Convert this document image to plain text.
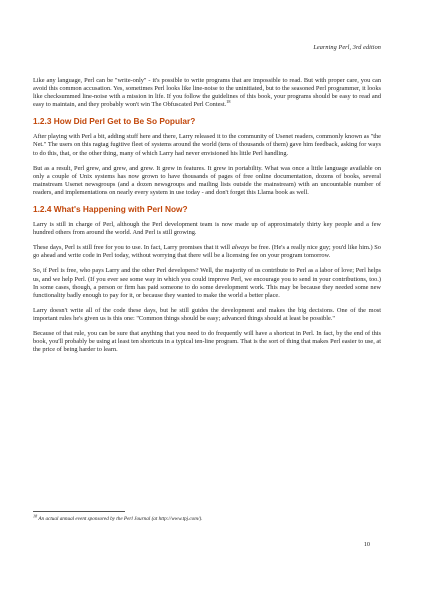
Learning Perl, 3rd edition

Like any language, Perl can be "write-only" - it's possible to write programs that are impossible to read. But with proper care, you can avoid this common accusation. Yes, sometimes Perl looks like line-noise to the uninitiated, but to the seasoned Perl programmer, it looks like checksummed line-noise with a mission in life. If you follow the guidelines of this book, your programs should be easy to read and easy to maintain, and they probably won't win The Obfuscated Perl Contest.$^{18}$

1.2.3 How Did Perl Get to Be So Popular?

After playing with Perl a bit, adding stuff here and there, Larry released it to the community of Usenet readers, commonly known as "the Net." The users on this ragtag fugitive fleet of systems around the world (tens of thousands of them) gave him feedback, asking for ways to do this, that, or the other thing, many of which Larry had never envisioned his little Perl handling.

But as a result, Perl grew, and grew, and grew. It grew in features. It grew in portability. What was once a little language available on only a couple of Unix systems has now grown to have thousands of pages of free online documentation, dozens of books, several mainstream Usenet newsgroups (and a dozen newsgroups and mailing lists outside the mainstream) with an uncountable number of readers, and implementations on nearly every system in use today - and don't forget this Llama book as well.

1.2.4 What's Happening with Perl Now?

Larry is still in charge of Perl, although the Perl development team is now made up of approximately thirty key people and a few hundred others from around the world. And Perl is still growing.

These days, Perl is still free for you to use. In fact, Larry promises that it will always be free. (He's a really nice guy; you'd like him.) So go ahead and write code in Perl today, without worrying that there will be a licensing fee on your program tomorrow.

So, if Perl is free, who pays Larry and the other Perl developers? Well, the majority of us contribute to Perl as a labor of love; Perl helps us, and we help Perl. (If you ever see some way in which you could improve Perl, we encourage you to send in your contributions, too.) In some cases, though, a person or firm has paid someone to do some development work. This may be because they needed some new functionality badly enough to pay for it, or because they wanted to make the world a better place.

Larry doesn't write all of the code these days, but he still guides the development and makes the big decisions. One of the most important rules he's given us is this one: "Common things should be easy; advanced things should at least be possible."

Because of that rule, you can be sure that anything that you need to do frequently will have a shortcut in Perl. In fact, by the end of this book, you'll probably be using at least ten shortcuts in a typical ten-line program. That is the sort of thing that makes Perl easier to use, at the price of being harder to learn.

$^{18}$ An actual annual event sponsored by the Perl Journal (at http://www.tpj.com/).
10
